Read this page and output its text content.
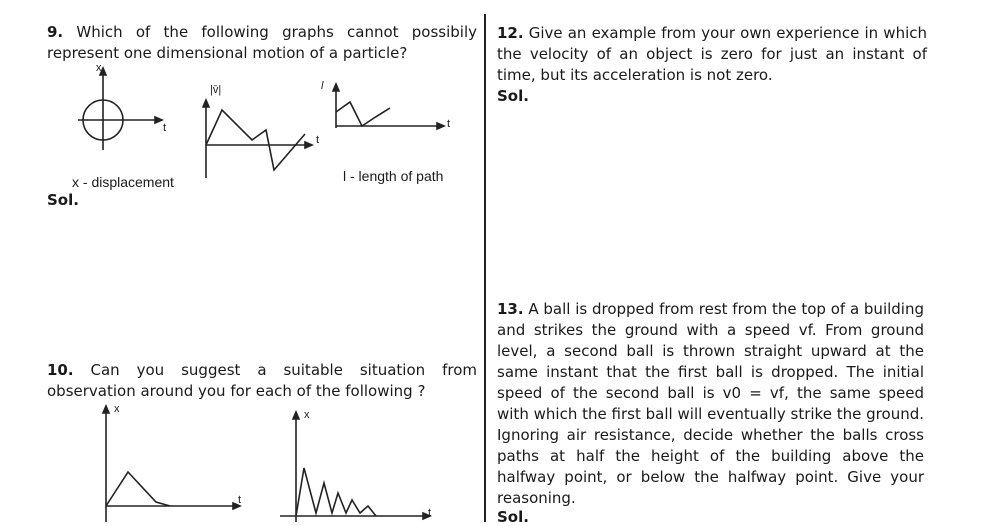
9. Which of the following graphs cannot possibily
represent one dimensional motion of a particle?
x
t
|v̄|
t
l
t
x - displacement	l - length of path
Sol.
10. Can you suggest a suitable situation from
observation around you for each of the following ?
x
t
x
t
12. Give an example from your own experience in which
the velocity of an object is zero for just an instant of
time, but its acceleration is not zero.
Sol.
13. A ball is dropped from rest from the top of a building
and strikes the ground with a speed vf. From ground
level, a second ball is thrown straight upward at the
same instant that the first ball is dropped. The initial
speed of the second ball is v0 = vf, the same speed
with which the first ball will eventually strike the ground.
Ignoring air resistance, decide whether the balls cross
paths at half the height of the building above the
halfway point, or below the halfway point. Give your
reasoning.
Sol.
